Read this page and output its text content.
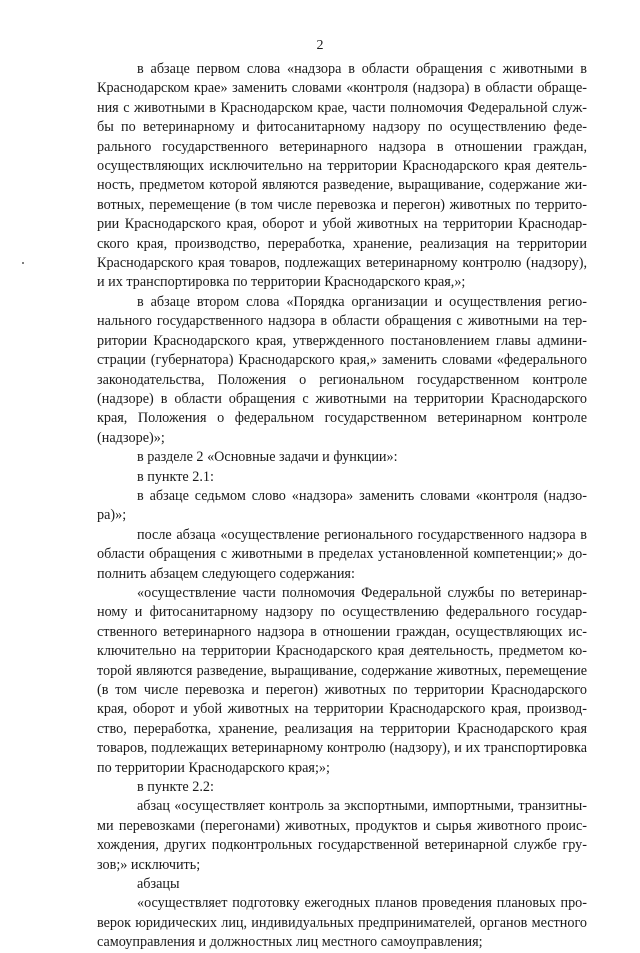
2

в абзаце первом слова «надзора в области обращения с животными в Краснодарском крае» заменить словами «контроля (надзора) в области обращения с животными в Краснодарском крае, части полномочия Федеральной службы по ветеринарному и фитосанитарному надзору по осуществлению федерального государственного ветеринарного надзора в отношении граждан, осуществляющих исключительно на территории Краснодарского края деятельность, предметом которой являются разведение, выращивание, содержание животных, перемещение (в том числе перевозка и перегон) животных по территории Краснодарского края, оборот и убой животных на территории Краснодарского края, производство, переработка, хранение, реализация на территории Краснодарского края товаров, подлежащих ветеринарному контролю (надзору), и их транспортировка по территории Краснодарского края,»;

в абзаце втором слова «Порядка организации и осуществления регионального государственного надзора в области обращения с животными на территории Краснодарского края, утвержденного постановлением главы администрации (губернатора) Краснодарского края,» заменить словами «федерального законодательства, Положения о региональном государственном контроле (надзоре) в области обращения с животными на территории Краснодарского края, Положения о федеральном государственном ветеринарном контроле (надзоре)»;

в разделе 2 «Основные задачи и функции»:

в пункте 2.1:

в абзаце седьмом слово «надзора» заменить словами «контроля (надзора)»;

после абзаца «осуществление регионального государственного надзора в области обращения с животными в пределах установленной компетенции;» дополнить абзацем следующего содержания:

«осуществление части полномочия Федеральной службы по ветеринарному и фитосанитарному надзору по осуществлению федерального государственного ветеринарного надзора в отношении граждан, осуществляющих исключительно на территории Краснодарского края деятельность, предметом которой являются разведение, выращивание, содержание животных, перемещение (в том числе перевозка и перегон) животных по территории Краснодарского края, оборот и убой животных на территории Краснодарского края, производство, переработка, хранение, реализация на территории Краснодарского края товаров, подлежащих ветеринарному контролю (надзору), и их транспортировка по территории Краснодарского края;»;

в пункте 2.2:

абзац «осуществляет контроль за экспортными, импортными, транзитными перевозками (перегонами) животных, продуктов и сырья животного происхождения, других подконтрольных государственной ветеринарной службе грузов;» исключить;

абзацы

«осуществляет подготовку ежегодных планов проведения плановых проверок юридических лиц, индивидуальных предпринимателей, органов местного самоуправления и должностных лиц местного самоуправления;
